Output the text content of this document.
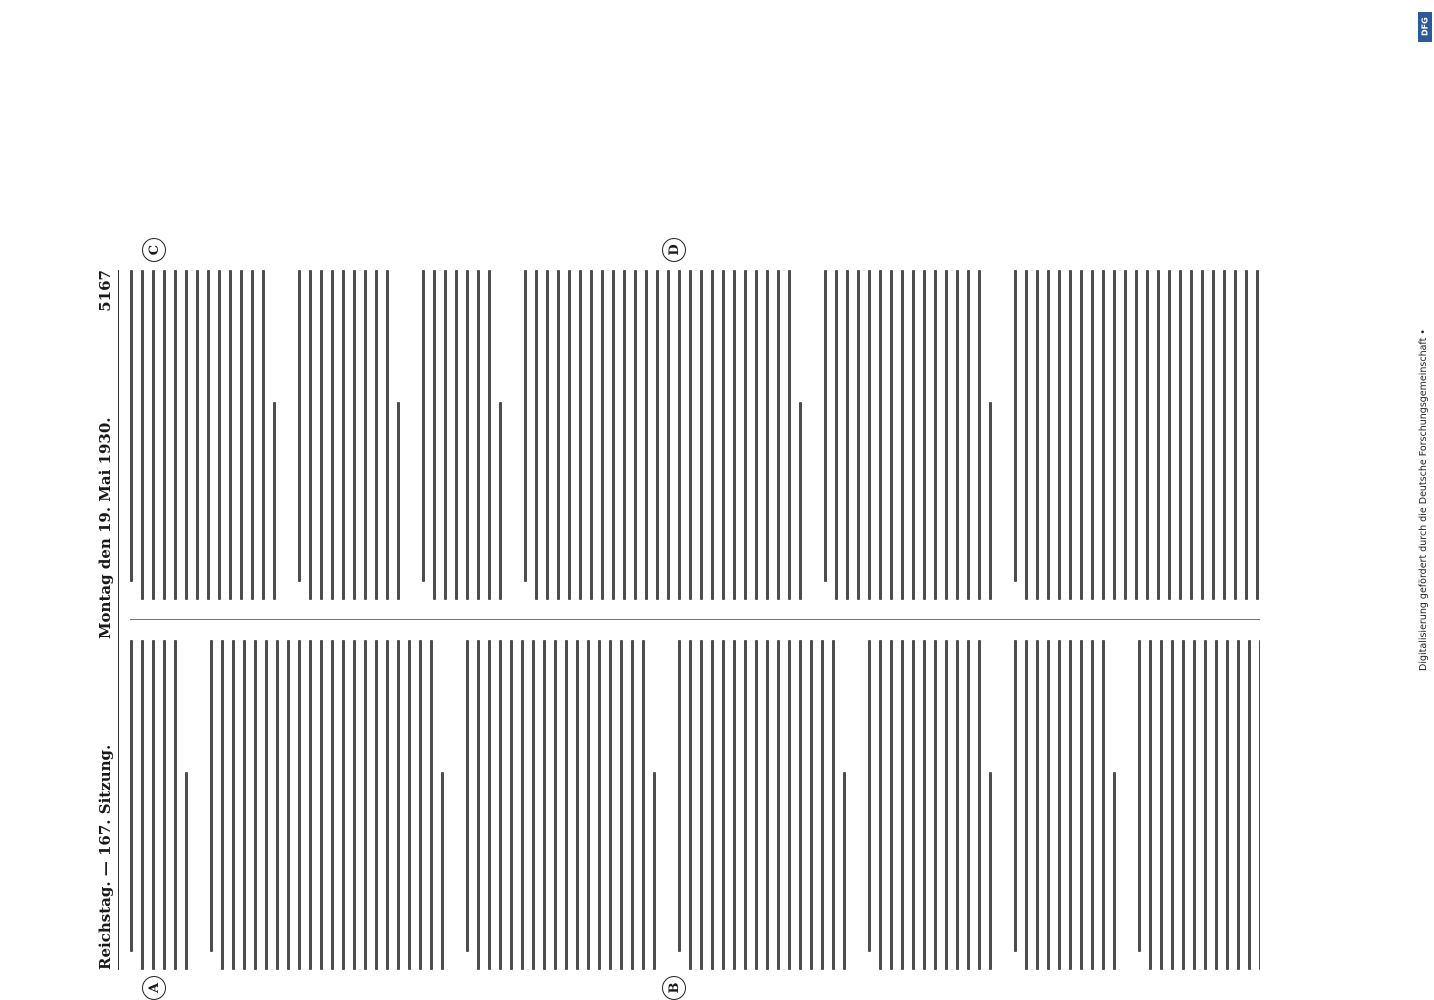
Reichstag. — 167. Sitzung.
Montag den 19. Mai 1930.
5167
A	B
C	D
DFG
Digitalisierung gefördert durch die Deutsche Forschungsgemeinschaft •
